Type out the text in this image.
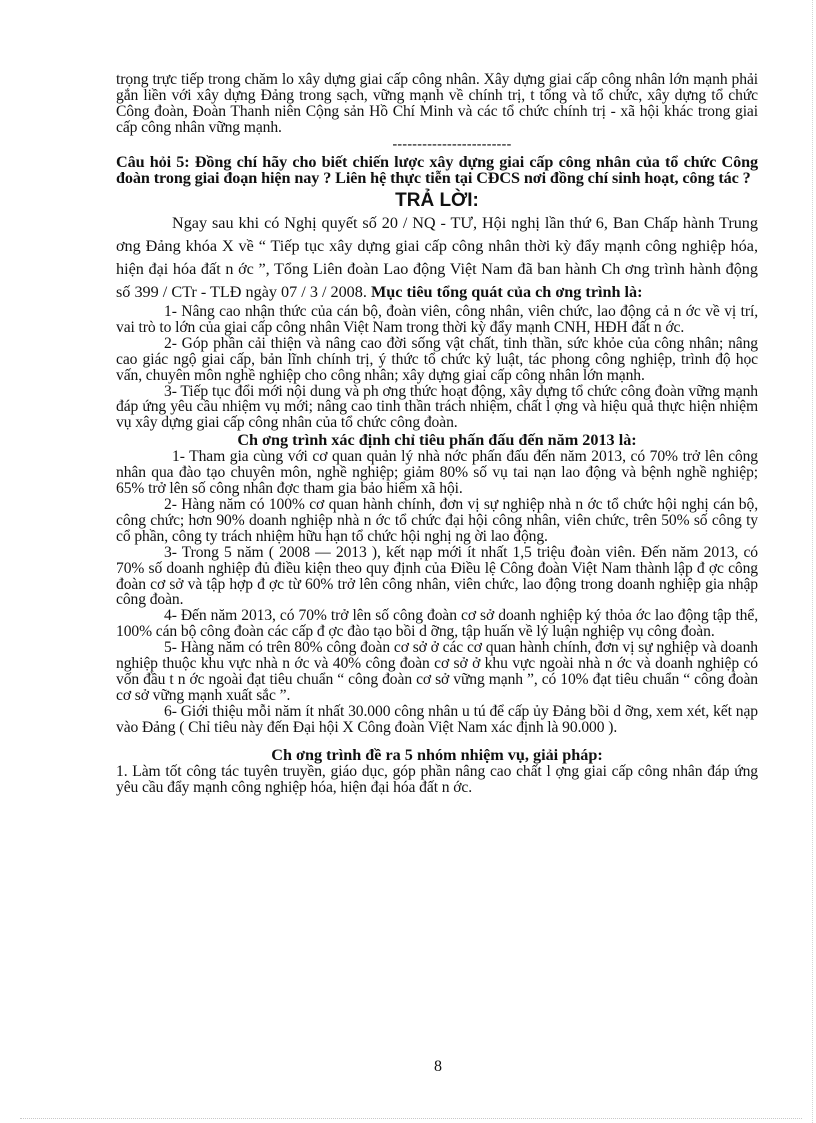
trọng trực tiếp trong chăm lo xây dựng giai cấp công nhân. Xây dựng giai cấp công nhân lớn mạnh phải gắn liền với xây dựng Đảng trong sạch, vững mạnh về chính trị, t tổng và tổ chức, xây dựng tổ chức Công đoàn, Đoàn Thanh niên Cộng sản Hồ Chí Minh và các tổ chức chính trị - xã hội khác trong giai cấp công nhân vững mạnh.

------------------------

Câu hỏi 5: Đồng chí hãy cho biết chiến lược xây dựng giai cấp công nhân của tổ chức Công đoàn trong giai đoạn hiện nay ? Liên hệ thực tiễn tại CĐCS nơi đồng chí sinh hoạt, công tác ?

TRẢ LỜI:

Ngay sau khi có Nghị quyết số 20 / NQ - TƯ, Hội nghị lần thứ 6, Ban Chấp hành Trung ơng Đảng khóa X về “ Tiếp tục xây dựng giai cấp công nhân thời kỳ đẩy mạnh công nghiệp hóa, hiện đại hóa đất n ớc ”, Tổng Liên đoàn Lao động Việt Nam đã ban hành Ch ơng trình hành động số 399 / CTr - TLĐ ngày 07 / 3 / 2008. Mục tiêu tổng quát của ch ơng trình là:

1- Nâng cao nhận thức của cán bộ, đoàn viên, công nhân, viên chức, lao động cả n ớc về vị trí, vai trò to lớn của giai cấp công nhân Việt Nam trong thời kỳ đẩy mạnh CNH, HĐH đất n ớc.

2- Góp phần cải thiện và nâng cao đời sống vật chất, tinh thần, sức khỏe của công nhân; nâng cao giác ngộ giai cấp, bản lĩnh chính trị, ý thức tổ chức kỷ luật, tác phong công nghiệp, trình độ học vấn, chuyên môn nghề nghiệp cho công nhân; xây dựng giai cấp công nhân lớn mạnh.

3- Tiếp tục đổi mới nội dung và ph ơng thức hoạt động, xây dựng tổ chức công đoàn vững mạnh đáp ứng yêu cầu nhiệm vụ mới; nâng cao tinh thần trách nhiệm, chất l ợng và hiệu quả thực hiện nhiệm vụ xây dựng giai cấp công nhân của tổ chức công đoàn.

Ch ơng trình xác định chỉ tiêu phấn đấu đến năm 2013 là:

1- Tham gia cùng với cơ quan quản lý nhà nớc phấn đấu đến năm 2013, có 70% trở lên công nhân qua đào tạo chuyên môn, nghề nghiệp; giảm 80% số vụ tai nạn lao động và bệnh nghề nghiệp; 65% trở lên số công nhân đợc tham gia bảo hiểm xã hội.

2- Hàng năm có 100% cơ quan hành chính, đơn vị sự nghiệp nhà n ớc tổ chức hội nghị cán bộ, công chức; hơn 90% doanh nghiệp nhà n ớc tổ chức đại hội công nhân, viên chức, trên 50% số công ty cổ phần, công ty trách nhiệm hữu hạn tổ chức hội nghị ng ời lao động.

3- Trong 5 năm ( 2008 — 2013 ), kết nạp mới ít nhất 1,5 triệu đoàn viên. Đến năm 2013, có 70% số doanh nghiệp đủ điều kiện theo quy định của Điều lệ Công đoàn Việt Nam thành lập đ ợc công đoàn cơ sở và tập hợp đ ợc từ 60% trở lên công nhân, viên chức, lao động trong doanh nghiệp gia nhập công đoàn.

4- Đến năm 2013, có 70% trở lên số công đoàn cơ sở doanh nghiệp ký thỏa ớc lao động tập thể, 100% cán bộ công đoàn các cấp đ ợc đào tạo bồi d ỡng, tập huấn về lý luận nghiệp vụ công đoàn.

5- Hàng năm có trên 80% công đoàn cơ sở ở các cơ quan hành chính, đơn vị sự nghiệp và doanh nghiệp thuộc khu vực nhà n ớc và 40% công đoàn cơ sở ở khu vực ngoài nhà n ớc và doanh nghiệp có vốn đầu t n ớc ngoài đạt tiêu chuẩn “ công đoàn cơ sở vững mạnh ”, có 10% đạt tiêu chuẩn “ công đoàn cơ sở vững mạnh xuất sắc ”.

6- Giới thiệu mỗi năm ít nhất 30.000 công nhân u tú để cấp ủy Đảng bồi d ỡng, xem xét, kết nạp vào Đảng ( Chỉ tiêu này đến Đại hội X Công đoàn Việt Nam xác định là 90.000 ).

Ch ơng trình đề ra 5 nhóm nhiệm vụ, giải pháp:

1. Làm tốt công tác tuyên truyền, giáo dục, góp phần nâng cao chất l ợng giai cấp công nhân đáp ứng yêu cầu đẩy mạnh công nghiệp hóa, hiện đại hóa đất n ớc.

8
